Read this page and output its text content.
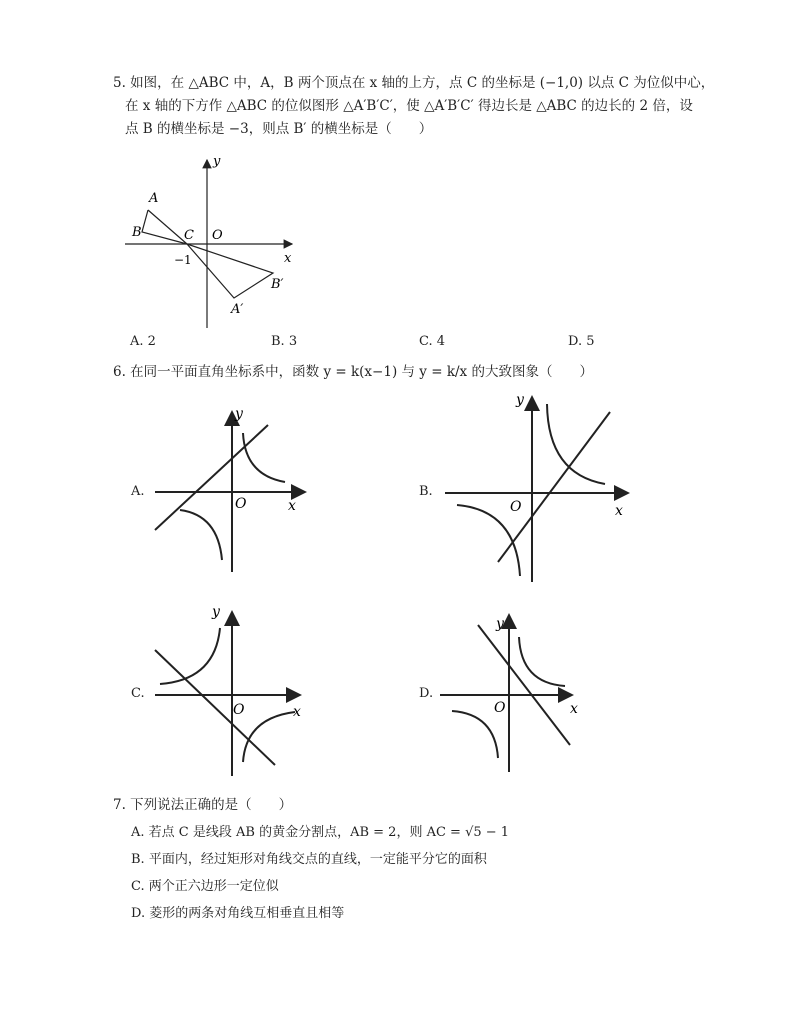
5. 如图，在 △ABC 中，A，B 两个顶点在 x 轴的上方，点 C 的坐标是 (−1,0) 以点 C 为位似中心，
在 x 轴的下方作 △ABC 的位似图形 △A′B′C′，使 △A′B′C′ 得边长是 △ABC 的边长的 2 倍，设
点 B 的横坐标是 −3，则点 B′ 的横坐标是（　　）
y
x
A
B	C O
−1
B′
A′
A. 2	B. 3	C. 4	D. 5
6. 在同一平面直角坐标系中，函数 y = k(x−1) 与 y = k/x 的大致图象（　　）
A.
y
x
O
B.
y
x
O
C.
y
x
O
D.
y
x
O
7. 下列说法正确的是（　　）
A. 若点 C 是线段 AB 的黄金分割点，AB = 2，则 AC = √5 − 1
B. 平面内，经过矩形对角线交点的直线，一定能平分它的面积
C. 两个正六边形一定位似
D. 菱形的两条对角线互相垂直且相等
